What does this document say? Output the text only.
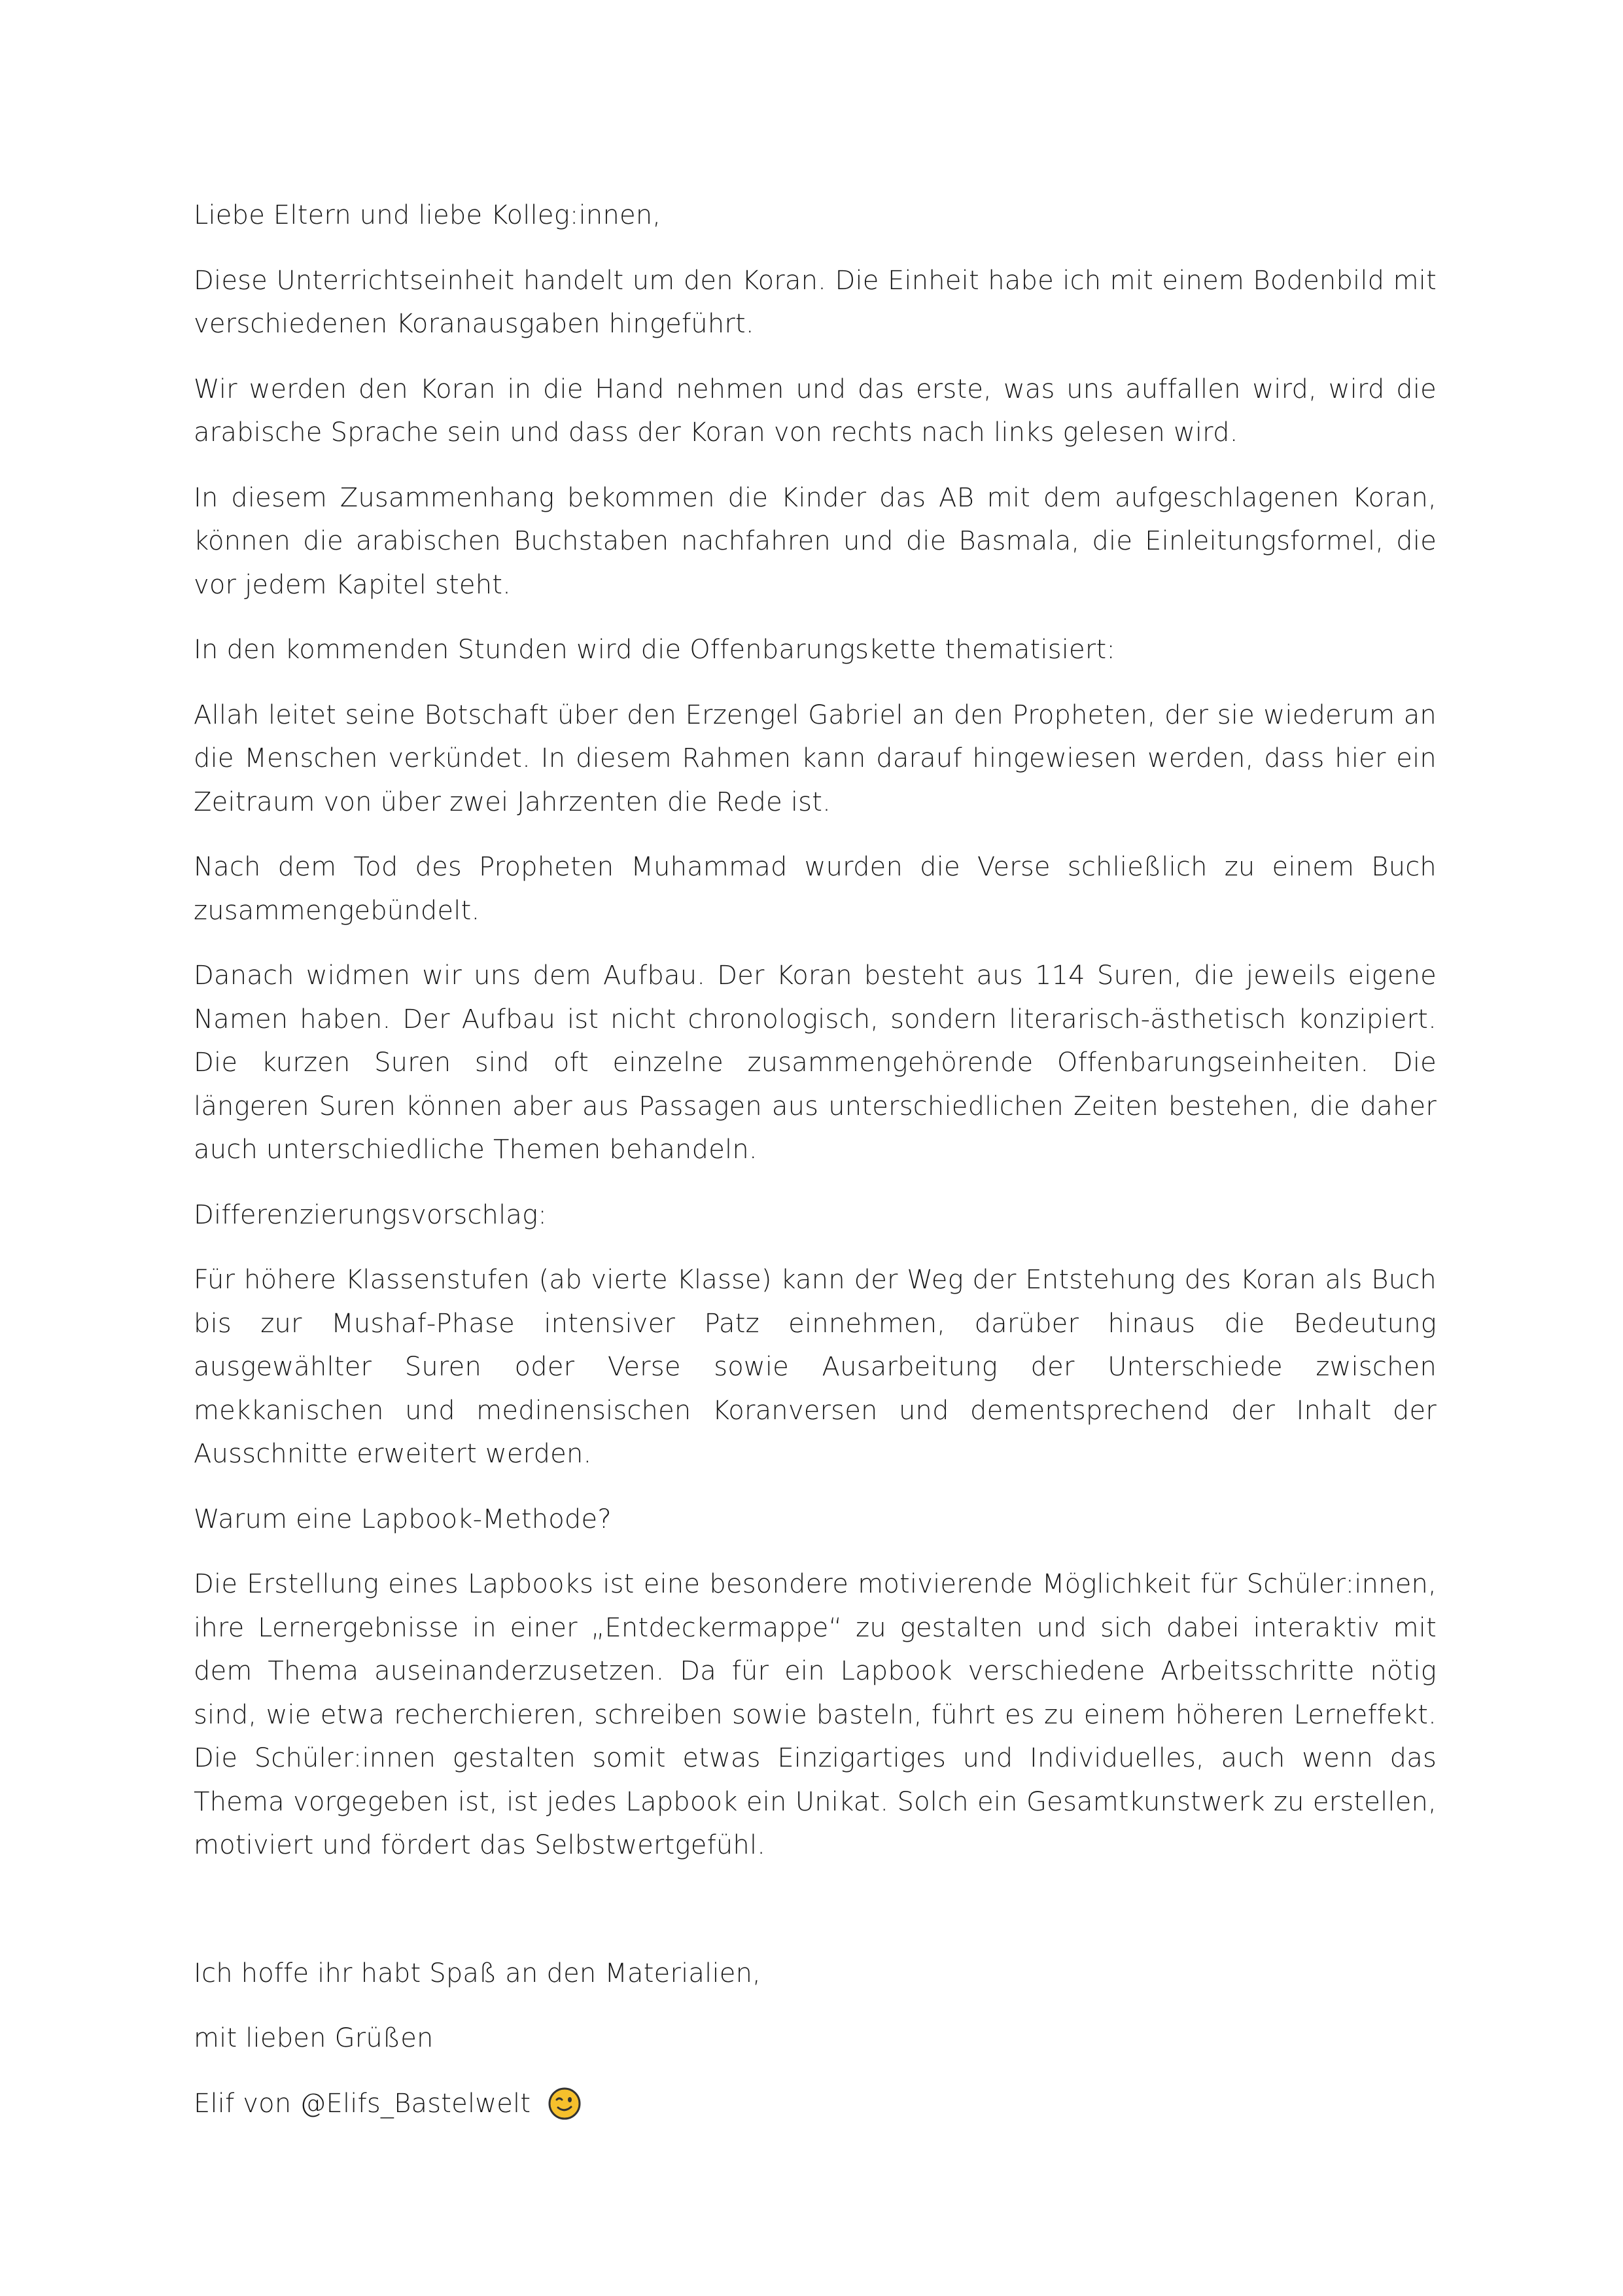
Liebe Eltern und liebe Kolleg:innen,

Diese Unterrichtseinheit handelt um den Koran. Die Einheit habe ich mit einem Bodenbild mit verschiedenen Koranausgaben hingeführt.

Wir werden den Koran in die Hand nehmen und das erste, was uns auffallen wird, wird die arabische Sprache sein und dass der Koran von rechts nach links gelesen wird.

In diesem Zusammenhang bekommen die Kinder das AB mit dem aufgeschlagenen Koran, können die arabischen Buchstaben nachfahren und die Basmala, die Einleitungsformel, die vor jedem Kapitel steht.

In den kommenden Stunden wird die Offenbarungskette thematisiert:

Allah leitet seine Botschaft über den Erzengel Gabriel an den Propheten, der sie wiederum an die Menschen verkündet. In diesem Rahmen kann darauf hingewiesen werden, dass hier ein Zeitraum von über zwei Jahrzenten die Rede ist.

Nach dem Tod des Propheten Muhammad wurden die Verse schließlich zu einem Buch zusammengebündelt.

Danach widmen wir uns dem Aufbau. Der Koran besteht aus 114 Suren, die jeweils eigene Namen haben. Der Aufbau ist nicht chronologisch, sondern literarisch-ästhetisch konzipiert. Die kurzen Suren sind oft einzelne zusammengehörende Offenbarungseinheiten. Die längeren Suren können aber aus Passagen aus unterschiedlichen Zeiten bestehen, die daher auch unterschiedliche Themen behandeln.

Differenzierungsvorschlag:

Für höhere Klassenstufen (ab vierte Klasse) kann der Weg der Entstehung des Koran als Buch bis zur Mushaf-Phase intensiver Patz einnehmen, darüber hinaus die Bedeutung ausgewählter Suren oder Verse sowie Ausarbeitung der Unterschiede zwischen mekkanischen und medinensischen Koranversen und dementsprechend der Inhalt der Ausschnitte erweitert werden.

Warum eine Lapbook-Methode?

Die Erstellung eines Lapbooks ist eine besondere motivierende Möglichkeit für Schüler:innen, ihre Lernergebnisse in einer „Entdeckermappe“ zu gestalten und sich dabei interaktiv mit dem Thema auseinanderzusetzen. Da für ein Lapbook verschiedene Arbeitsschritte nötig sind, wie etwa recherchieren, schreiben sowie basteln, führt es zu einem höheren Lerneffekt. Die Schüler:innen gestalten somit etwas Einzigartiges und Individuelles, auch wenn das Thema vorgegeben ist, ist jedes Lapbook ein Unikat. Solch ein Gesamtkunstwerk zu erstellen, motiviert und fördert das Selbstwertgefühl.

Ich hoffe ihr habt Spaß an den Materialien,

mit lieben Grüßen

Elif von @Elifs_Bastelwelt
